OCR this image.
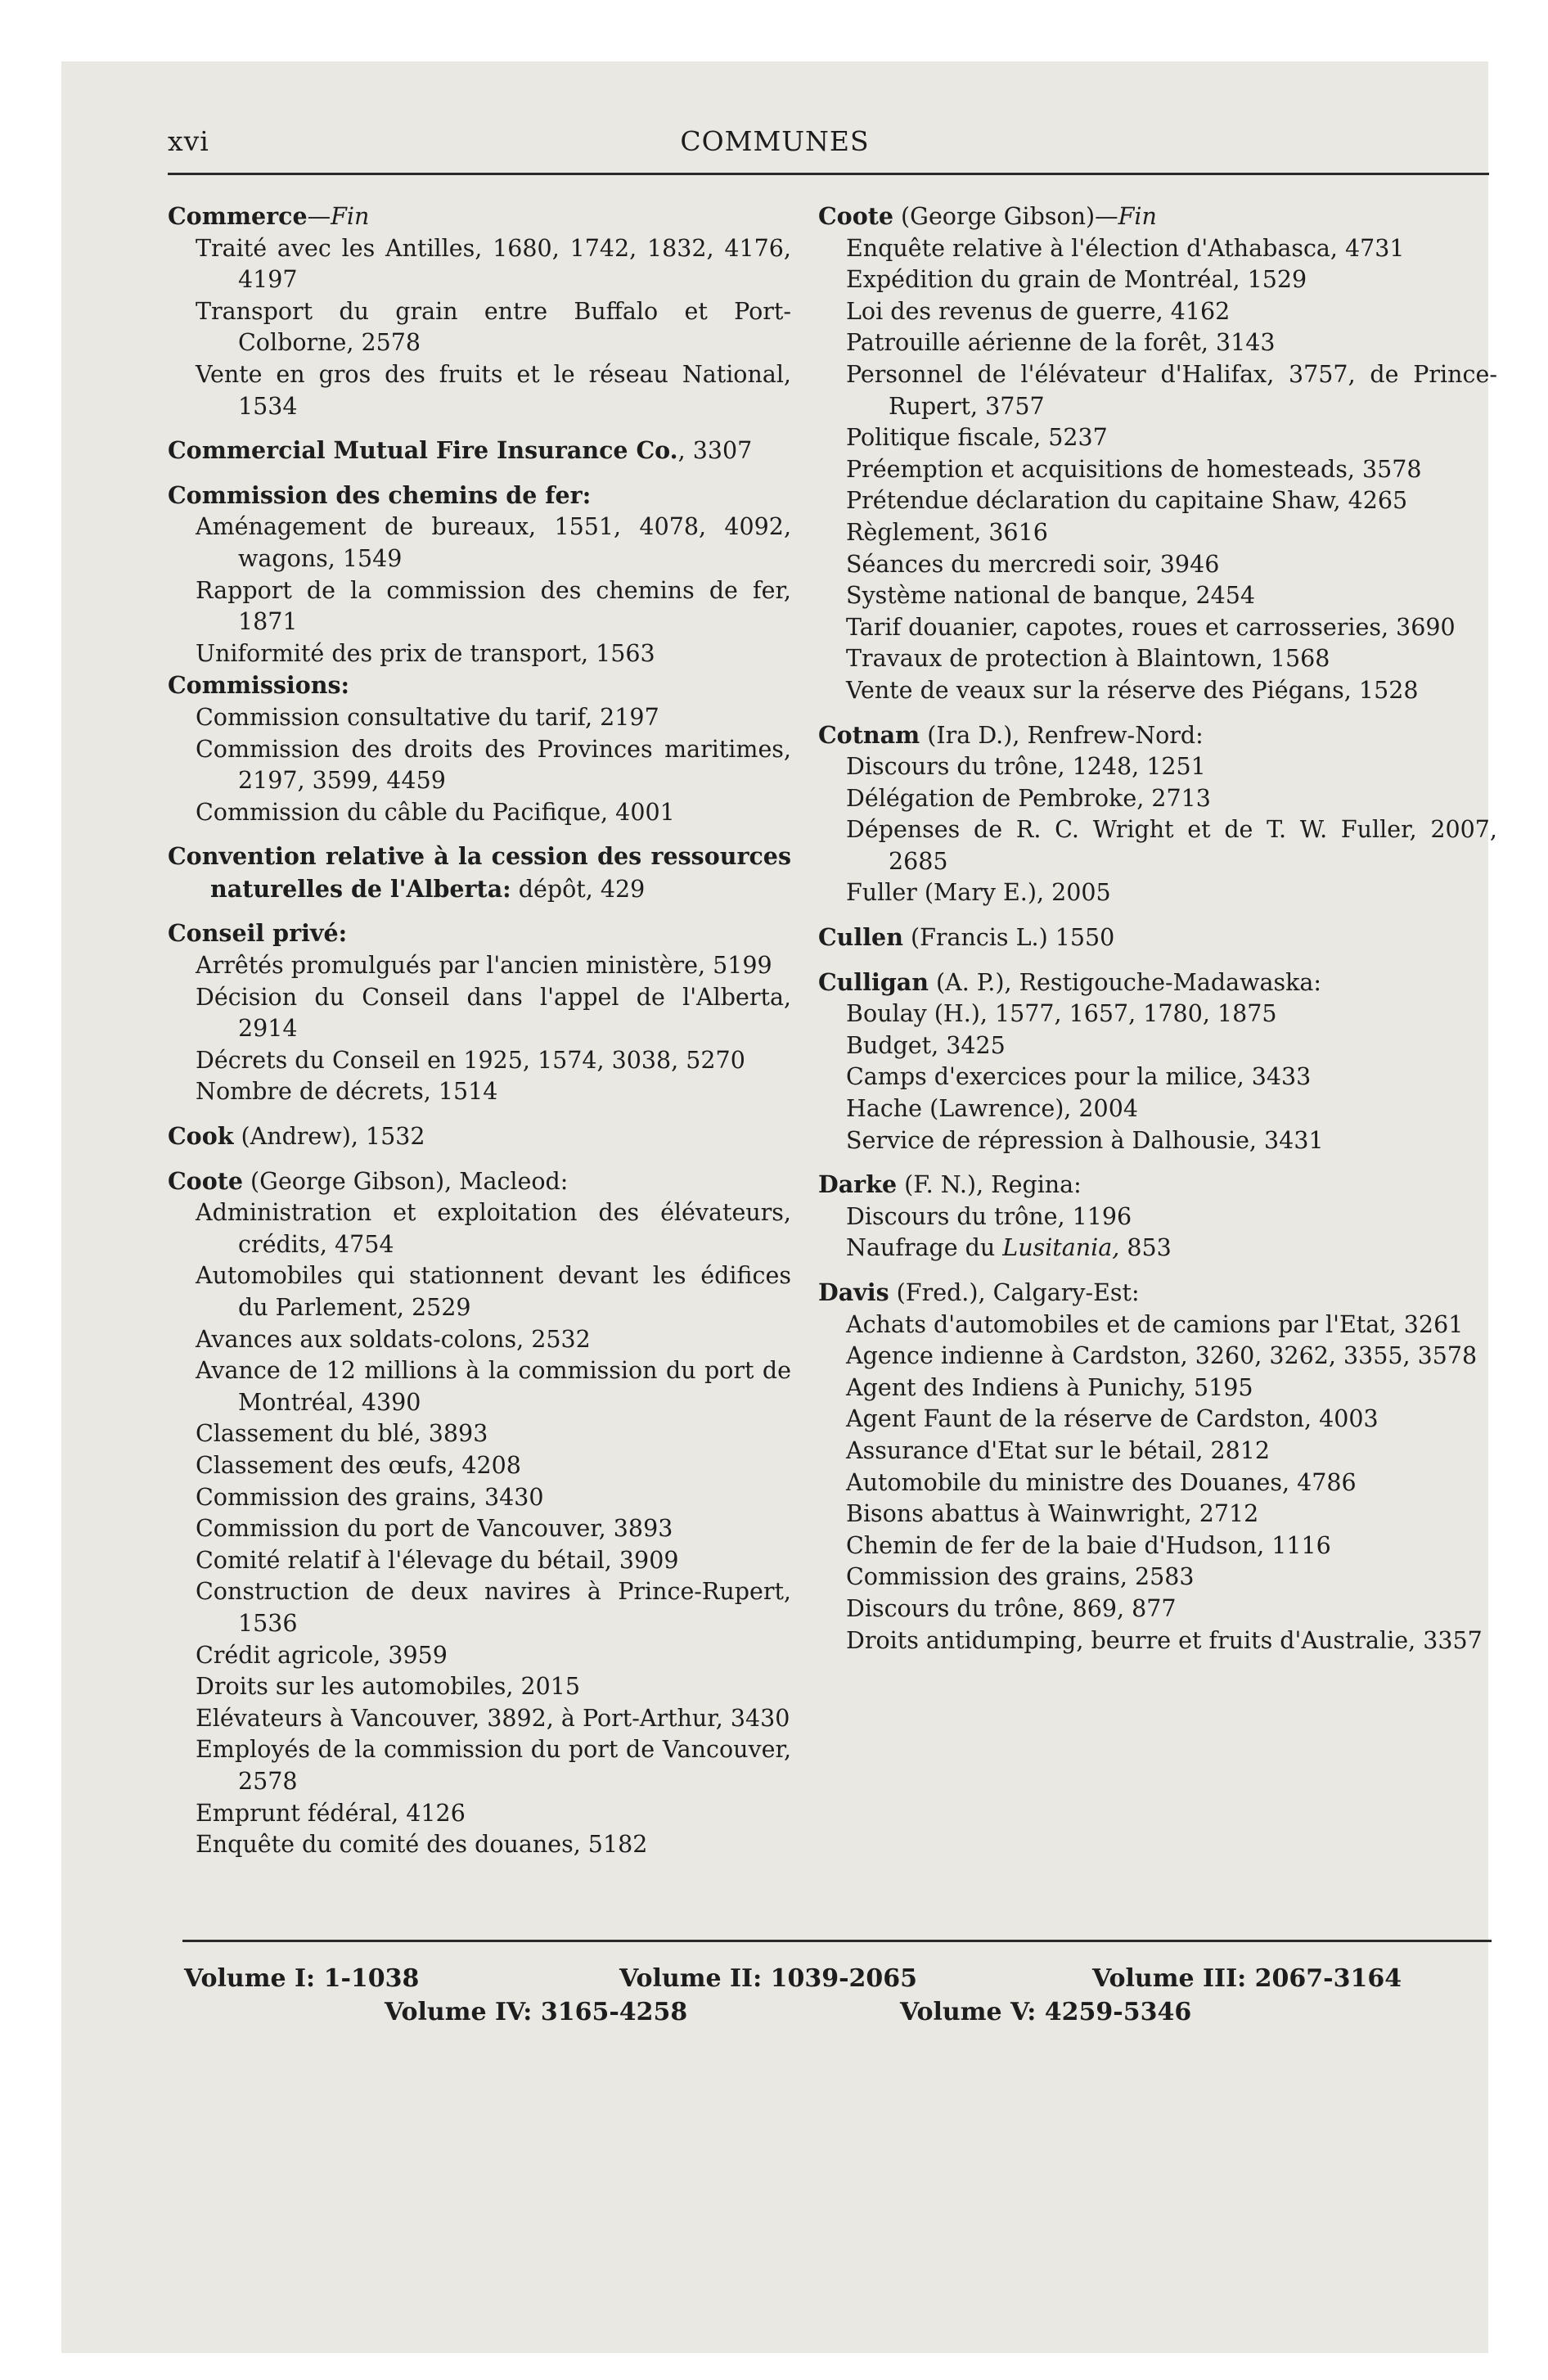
xvi	COMMUNES
Commerce—Fin
Traité avec les Antilles, 1680, 1742, 1832, 4176, 4197
Transport du grain entre Buffalo et Port-Colborne, 2578
Vente en gros des fruits et le réseau National, 1534
Commercial Mutual Fire Insurance Co., 3307
Commission des chemins de fer:
Aménagement de bureaux, 1551, 4078, 4092, wagons, 1549
Rapport de la commission des chemins de fer, 1871
Uniformité des prix de transport, 1563
Commissions:
Commission consultative du tarif, 2197
Commission des droits des Provinces maritimes, 2197, 3599, 4459
Commission du câble du Pacifique, 4001
Convention relative à la cession des ressources naturelles de l'Alberta: dépôt, 429
Conseil privé:
Arrêtés promulgués par l'ancien ministère, 5199
Décision du Conseil dans l'appel de l'Alberta, 2914
Décrets du Conseil en 1925, 1574, 3038, 5270
Nombre de décrets, 1514
Cook (Andrew), 1532
Coote (George Gibson), Macleod:
Administration et exploitation des élévateurs, crédits, 4754
Automobiles qui stationnent devant les édifices du Parlement, 2529
Avances aux soldats-colons, 2532
Avance de 12 millions à la commission du port de Montréal, 4390
Classement du blé, 3893
Classement des œufs, 4208
Commission des grains, 3430
Commission du port de Vancouver, 3893
Comité relatif à l'élevage du bétail, 3909
Construction de deux navires à Prince-Rupert, 1536
Crédit agricole, 3959
Droits sur les automobiles, 2015
Elévateurs à Vancouver, 3892, à Port-Arthur, 3430
Employés de la commission du port de Vancouver, 2578
Emprunt fédéral, 4126
Enquête du comité des douanes, 5182
Coote (George Gibson)—Fin
Enquête relative à l'élection d'Athabasca, 4731
Expédition du grain de Montréal, 1529
Loi des revenus de guerre, 4162
Patrouille aérienne de la forêt, 3143
Personnel de l'élévateur d'Halifax, 3757, de Prince-Rupert, 3757
Politique fiscale, 5237
Préemption et acquisitions de homesteads, 3578
Prétendue déclaration du capitaine Shaw, 4265
Règlement, 3616
Séances du mercredi soir, 3946
Système national de banque, 2454
Tarif douanier, capotes, roues et carrosseries, 3690
Travaux de protection à Blaintown, 1568
Vente de veaux sur la réserve des Piégans, 1528
Cotnam (Ira D.), Renfrew-Nord:
Discours du trône, 1248, 1251
Délégation de Pembroke, 2713
Dépenses de R. C. Wright et de T. W. Fuller, 2007, 2685
Fuller (Mary E.), 2005
Cullen (Francis L.) 1550
Culligan (A. P.), Restigouche-Madawaska:
Boulay (H.), 1577, 1657, 1780, 1875
Budget, 3425
Camps d'exercices pour la milice, 3433
Hache (Lawrence), 2004
Service de répression à Dalhousie, 3431
Darke (F. N.), Regina:
Discours du trône, 1196
Naufrage du Lusitania, 853
Davis (Fred.), Calgary-Est:
Achats d'automobiles et de camions par l'Etat, 3261
Agence indienne à Cardston, 3260, 3262, 3355, 3578
Agent des Indiens à Punichy, 5195
Agent Faunt de la réserve de Cardston, 4003
Assurance d'Etat sur le bétail, 2812
Automobile du ministre des Douanes, 4786
Bisons abattus à Wainwright, 2712
Chemin de fer de la baie d'Hudson, 1116
Commission des grains, 2583
Discours du trône, 869, 877
Droits antidumping, beurre et fruits d'Australie, 3357
Volume I: 1-1038	Volume II: 1039-2065	Volume III: 2067-3164
Volume IV: 3165-4258	Volume V: 4259-5346
